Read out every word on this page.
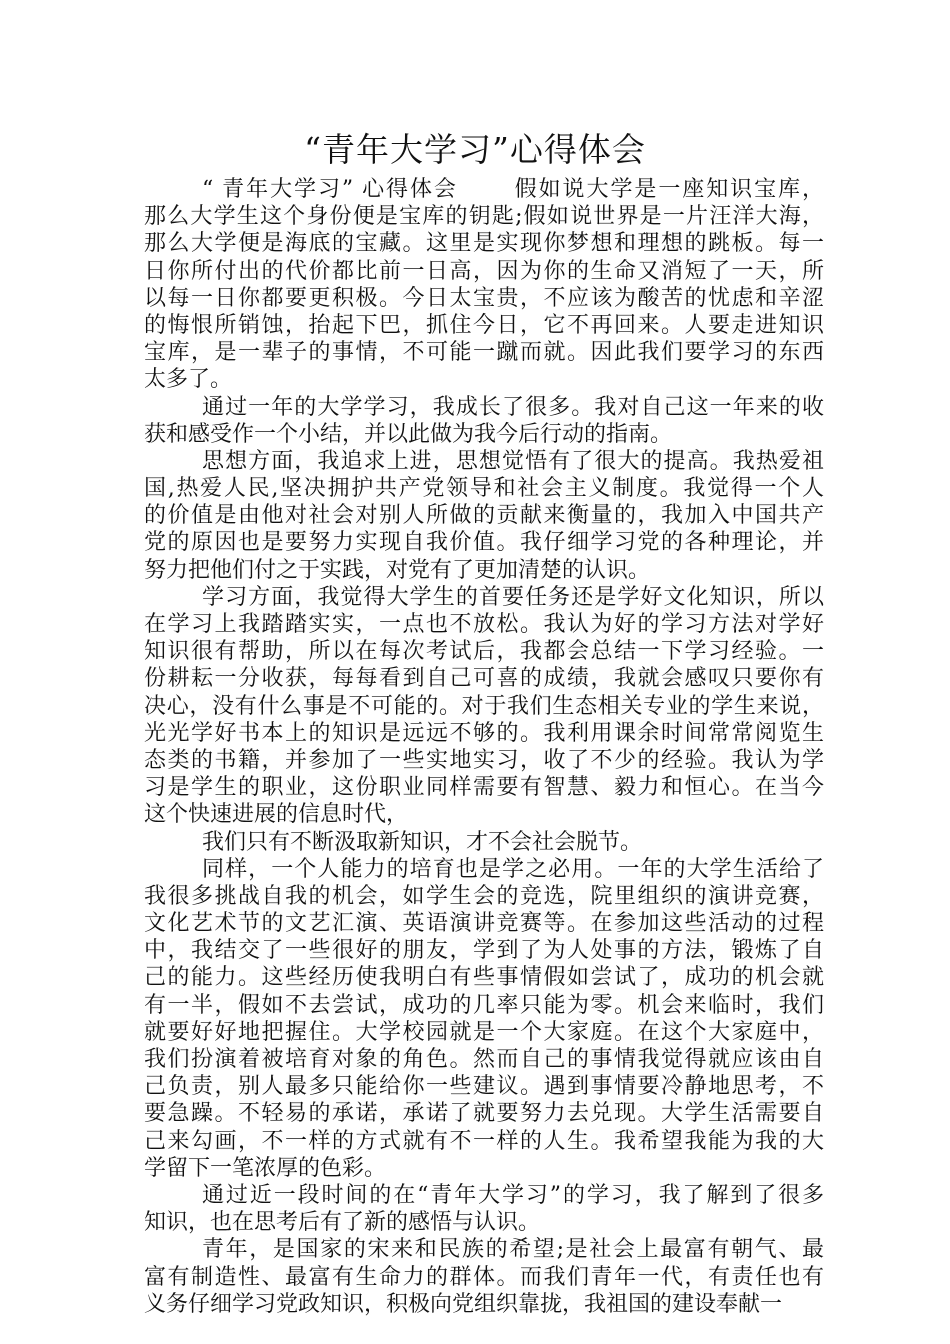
“青年大学习”心得体会
“ 青年大学习” 心得体会 　　假如说大学是一座知识宝库，
那么大学生这个身份便是宝库的钥匙;假如说世界是一片汪洋大海，
那么大学便是海底的宝藏。这里是实现你梦想和理想的跳板。每一
日你所付出的代价都比前一日高，因为你的生命又消短了一天，所
以每一日你都要更积极。今日太宝贵，不应该为酸苦的忧虑和辛涩
的悔恨所销蚀，抬起下巴，抓住今日，它不再回来。人要走进知识
宝库，是一辈子的事情，不可能一蹴而就。因此我们要学习的东西
太多了。
通过一年的大学学习，我成长了很多。我对自己这一年来的收
获和感受作一个小结，并以此做为我今后行动的指南。
思想方面，我追求上进，思想觉悟有了很大的提高。我热爱祖
国,热爱人民,坚决拥护共产党领导和社会主义制度。我觉得一个人
的价值是由他对社会对别人所做的贡献来衡量的，我加入中国共产
党的原因也是要努力实现自我价值。我仔细学习党的各种理论，并
努力把他们付之于实践，对党有了更加清楚的认识。
学习方面，我觉得大学生的首要任务还是学好文化知识，所以
在学习上我踏踏实实，一点也不放松。我认为好的学习方法对学好
知识很有帮助，所以在每次考试后，我都会总结一下学习经验。一
份耕耘一分收获，每每看到自己可喜的成绩，我就会感叹只要你有
决心，没有什么事是不可能的。对于我们生态相关专业的学生来说，
光光学好书本上的知识是远远不够的。我利用课余时间常常阅览生
态类的书籍，并参加了一些实地实习，收了不少的经验。我认为学
习是学生的职业，这份职业同样需要有智慧、毅力和恒心。在当今
这个快速进展的信息时代，
我们只有不断汲取新知识，才不会社会脱节。
同样，一个人能力的培育也是学之必用。一年的大学生活给了
我很多挑战自我的机会，如学生会的竞选，院里组织的演讲竞赛，
文化艺术节的文艺汇演、英语演讲竞赛等。在参加这些活动的过程
中，我结交了一些很好的朋友，学到了为人处事的方法，锻炼了自
己的能力。这些经历使我明白有些事情假如尝试了，成功的机会就
有一半，假如不去尝试，成功的几率只能为零。机会来临时，我们
就要好好地把握住。大学校园就是一个大家庭。在这个大家庭中，
我们扮演着被培育对象的角色。然而自己的事情我觉得就应该由自
己负责，别人最多只能给你一些建议。遇到事情要冷静地思考，不
要急躁。不轻易的承诺，承诺了就要努力去兑现。大学生活需要自
己来勾画，不一样的方式就有不一样的人生。我希望我能为我的大
学留下一笔浓厚的色彩。
通过近一段时间的在“青年大学习”的学习，我了解到了很多
知识，也在思考后有了新的感悟与认识。
青年，是国家的宋来和民族的希望;是社会上最富有朝气、最
富有制造性、最富有生命力的群体。而我们青年一代，有责任也有
义务仔细学习党政知识，积极向党组织靠拢，我祖国的建设奉献一
